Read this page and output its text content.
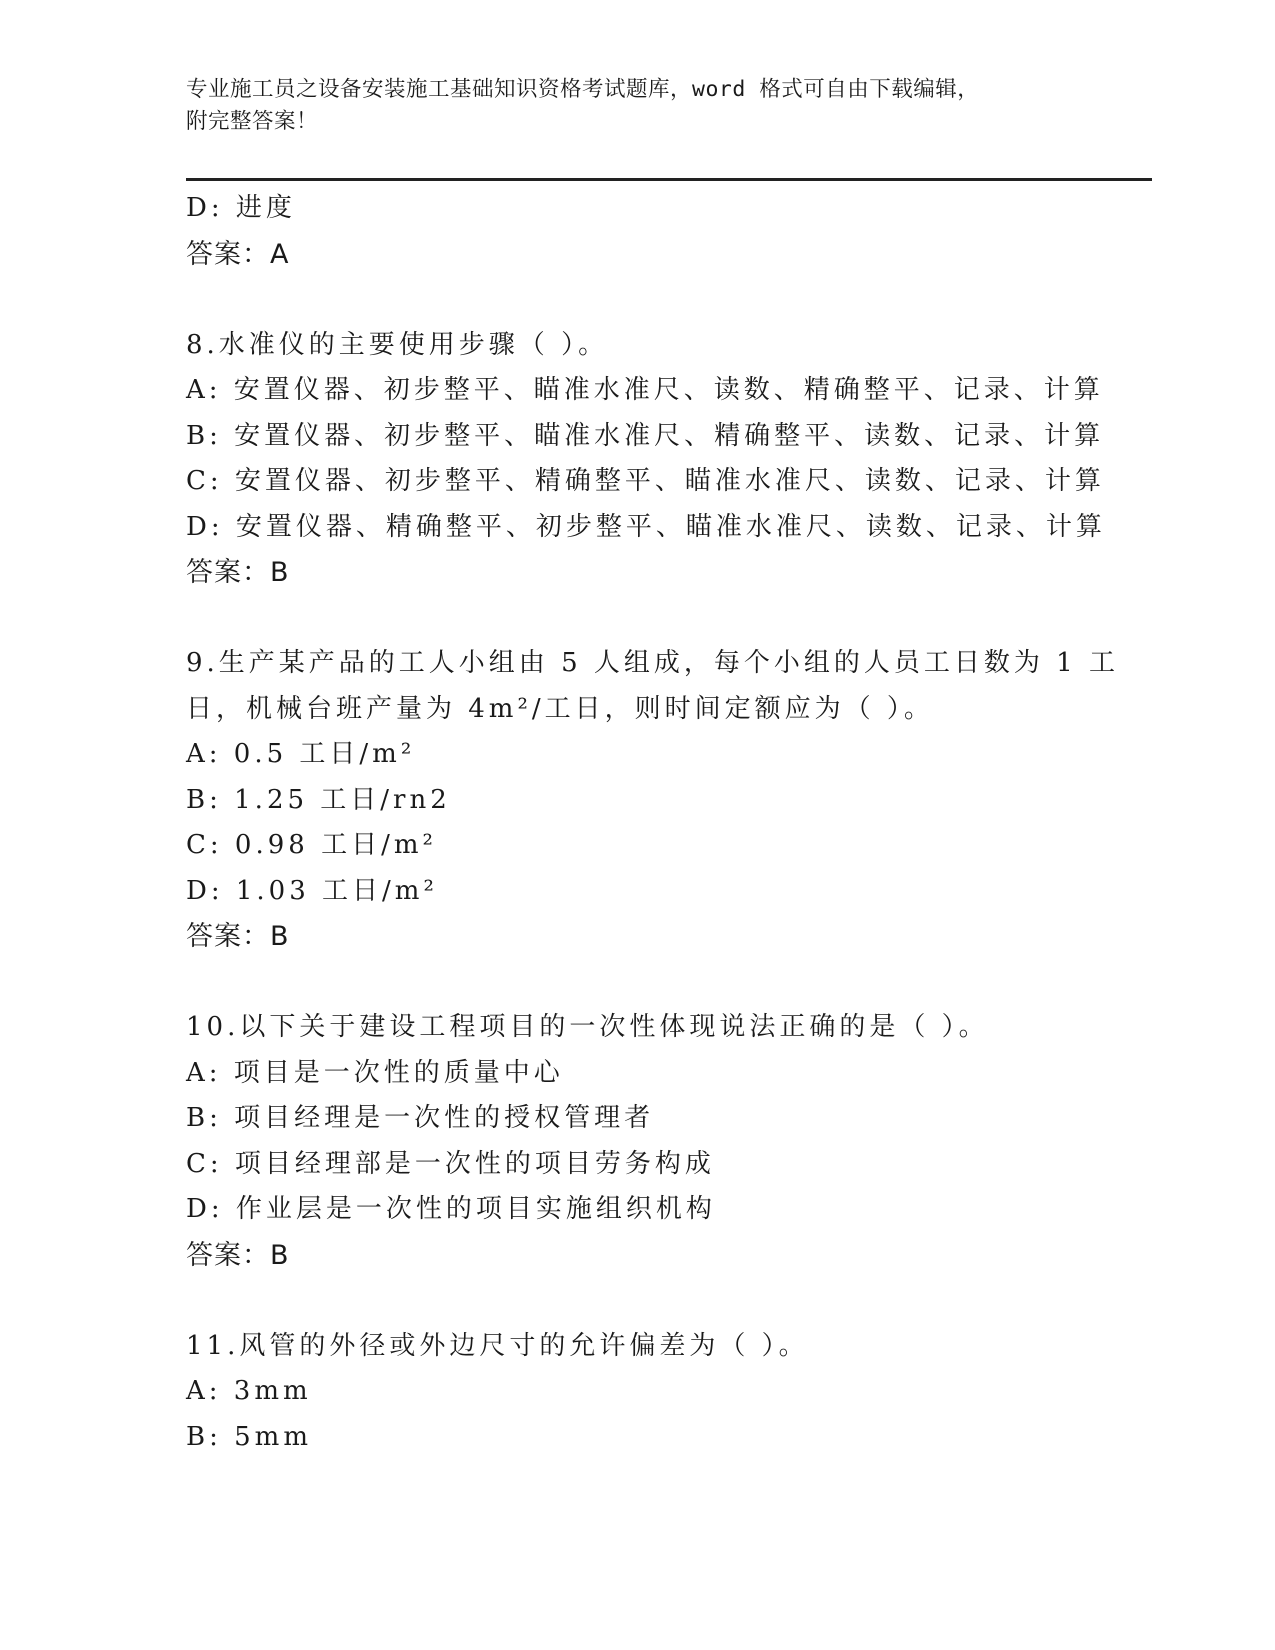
专业施工员之设备安装施工基础知识资格考试题库，word 格式可自由下载编辑，
附完整答案！
D: 进度
答案：A
8.水准仪的主要使用步骤（ ）。
A: 安置仪器、初步整平、瞄准水准尺、读数、精确整平、记录、计算
B: 安置仪器、初步整平、瞄准水准尺、精确整平、读数、记录、计算
C: 安置仪器、初步整平、精确整平、瞄准水准尺、读数、记录、计算
D: 安置仪器、精确整平、初步整平、瞄准水准尺、读数、记录、计算
答案：B
9.生产某产品的工人小组由 5 人组成，每个小组的人员工日数为 1 工
日，机械台班产量为 4m²/工日，则时间定额应为（ ）。
A: 0.5 工日/m²
B: 1.25 工日/rn2
C: 0.98 工日/m²
D: 1.03 工日/m²
答案：B
10.以下关于建设工程项目的一次性体现说法正确的是（ ）。
A: 项目是一次性的质量中心
B: 项目经理是一次性的授权管理者
C: 项目经理部是一次性的项目劳务构成
D: 作业层是一次性的项目实施组织机构
答案：B
11.风管的外径或外边尺寸的允许偏差为（ ）。
A: 3mm
B: 5mm
